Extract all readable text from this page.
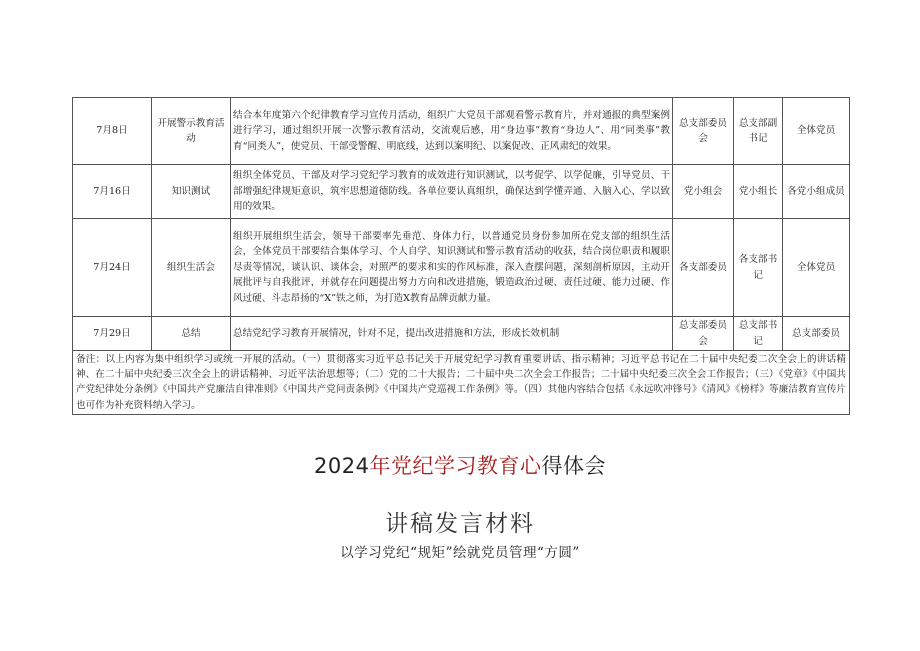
7月8日	开展警示教育活动	结合本年度第六个纪律教育学习宣传月活动，组织广大党员干部观看警示教育片，并对通报的典型案例进行学习，通过组织开展一次警示教育活动，交流观后感，用“身边事”教育“身边人”、用“同类事”教育“同类人”，使党员、干部受警醒、明底线，达到以案明纪、以案促改、正风肃纪的效果。	总支部委员会	总支部副书记	全体党员
7月16日	知识测试	组织全体党员、干部及对学习党纪学习教育的成效进行知识测试，以考促学、以学促廉，引导党员、干部增强纪律规矩意识，筑牢思想道德防线。各单位要认真组织，确保达到学懂弄通、入脑入心、学以致用的效果。	党小组会	党小组长	各党小组成员
7月24日	组织生活会	组织开展组织生活会，领导干部要率先垂范、身体力行，以普通党员身份参加所在党支部的组织生活会，全体党员干部要结合集体学习、个人自学、知识测试和警示教育活动的收获，结合岗位职责和履职尽责等情况，谈认识、谈体会，对照严的要求和实的作风标准，深入查摆问题，深刻剖析原因，主动开展批评与自我批评，并就存在问题提出努力方向和改进措施，锻造政治过硬、责任过硬、能力过硬、作风过硬、斗志昂扬的“X”铁之师，为打造X教育品牌贡献力量。	各支部委员	各支部书记	全体党员
7月29日	总结	总结党纪学习教育开展情况，针对不足，提出改进措施和方法，形成长效机制	总支部委员会	总支部书记	总支部委员
备注：以上内容为集中组织学习或统一开展的活动。（一）贯彻落实习近平总书记关于开展党纪学习教育重要讲话、指示精神；习近平总书记在二十届中央纪委二次全会上的讲话精神、在二十届中央纪委三次全会上的讲话精神、习近平法治思想等；（二）党的二十大报告；二十届中央二次全会工作报告；二十届中央纪委三次全会工作报告；（三）《党章》《中国共产党纪律处分条例》《中国共产党廉洁自律准则》《中国共产党问责条例》《中国共产党巡视工作条例》等。（四）其他内容结合包括《永远吹冲锋号》《清风》《榜样》等廉洁教育宣传片也可作为补充资料纳入学习。					
2024年党纪学习教育心得体会
讲稿发言材料
以学习党纪“规矩”绘就党员管理“方圆”
